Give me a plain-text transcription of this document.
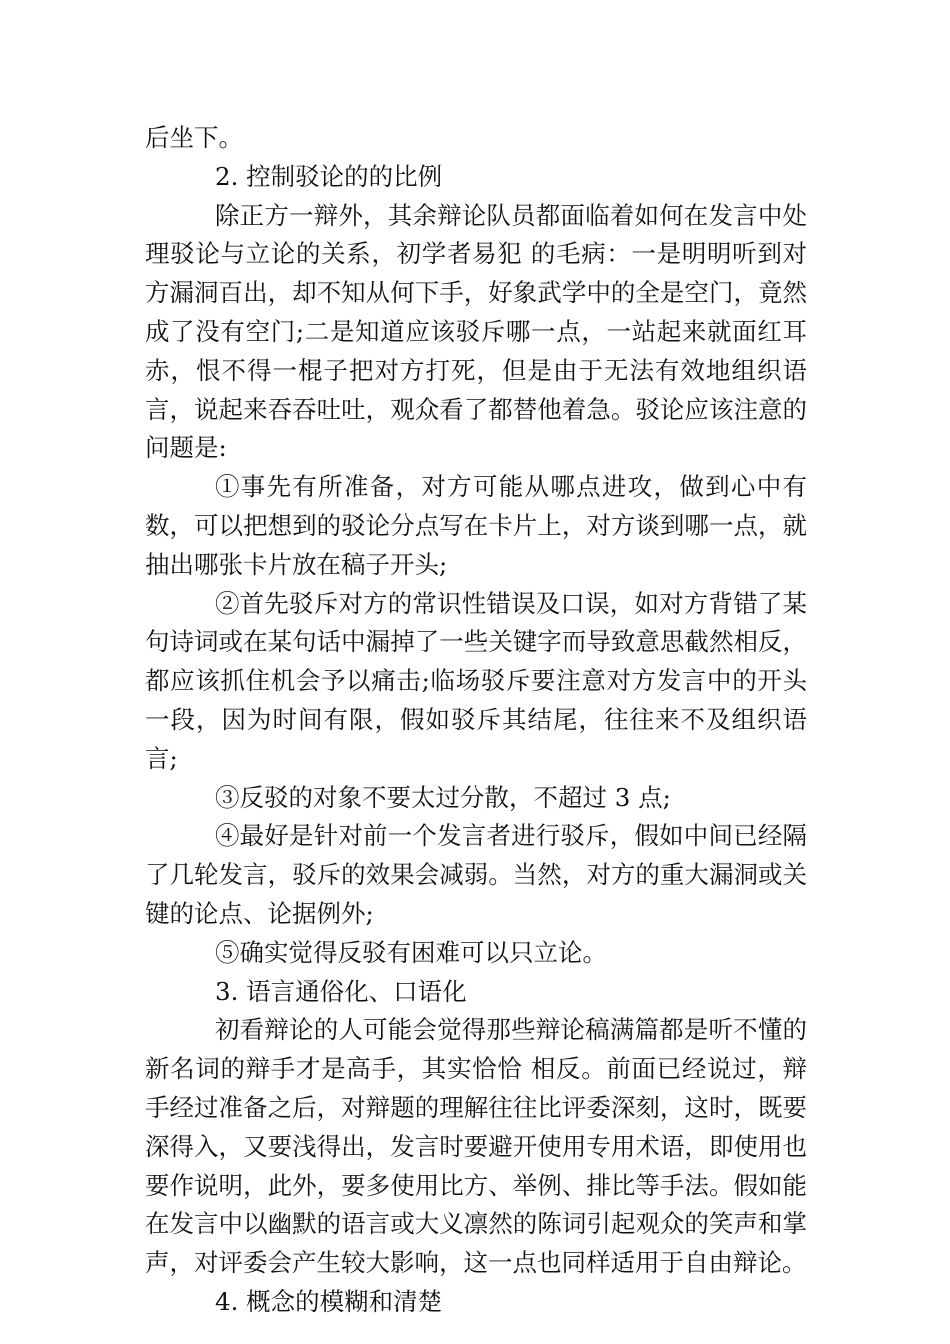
后坐下。

2. 控制驳论的的比例

除正方一辩外，其余辩论队员都面临着如何在发言中处理驳论与立论的关系，初学者易犯 的毛病：一是明明听到对方漏洞百出，却不知从何下手，好象武学中的全是空门，竟然成了没有空门;二是知道应该驳斥哪一点，一站起来就面红耳赤，恨不得一棍子把对方打死，但是由于无法有效地组织语言，说起来吞吞吐吐，观众看了都替他着急。驳论应该注意的问题是:

①事先有所准备，对方可能从哪点进攻，做到心中有数，可以把想到的驳论分点写在卡片上，对方谈到哪一点，就抽出哪张卡片放在稿子开头;

②首先驳斥对方的常识性错误及口误，如对方背错了某句诗词或在某句话中漏掉了一些关键字而导致意思截然相反，都应该抓住机会予以痛击;临场驳斥要注意对方发言中的开头一段，因为时间有限，假如驳斥其结尾，往往来不及组织语言;

③反驳的对象不要太过分散，不超过 3 点;

④最好是针对前一个发言者进行驳斥，假如中间已经隔了几轮发言，驳斥的效果会减弱。当然，对方的重大漏洞或关键的论点、论据例外;

⑤确实觉得反驳有困难可以只立论。

3. 语言通俗化、口语化

初看辩论的人可能会觉得那些辩论稿满篇都是听不懂的新名词的辩手才是高手，其实恰恰 相反。前面已经说过，辩手经过准备之后，对辩题的理解往往比评委深刻，这时，既要深得入，又要浅得出，发言时要避开使用专用术语，即使用也要作说明，此外，要多使用比方、举例、排比等手法。假如能在发言中以幽默的语言或大义凛然的陈词引起观众的笑声和掌声，对评委会产生较大影响，这一点也同样适用于自由辩论。

4. 概念的模糊和清楚
